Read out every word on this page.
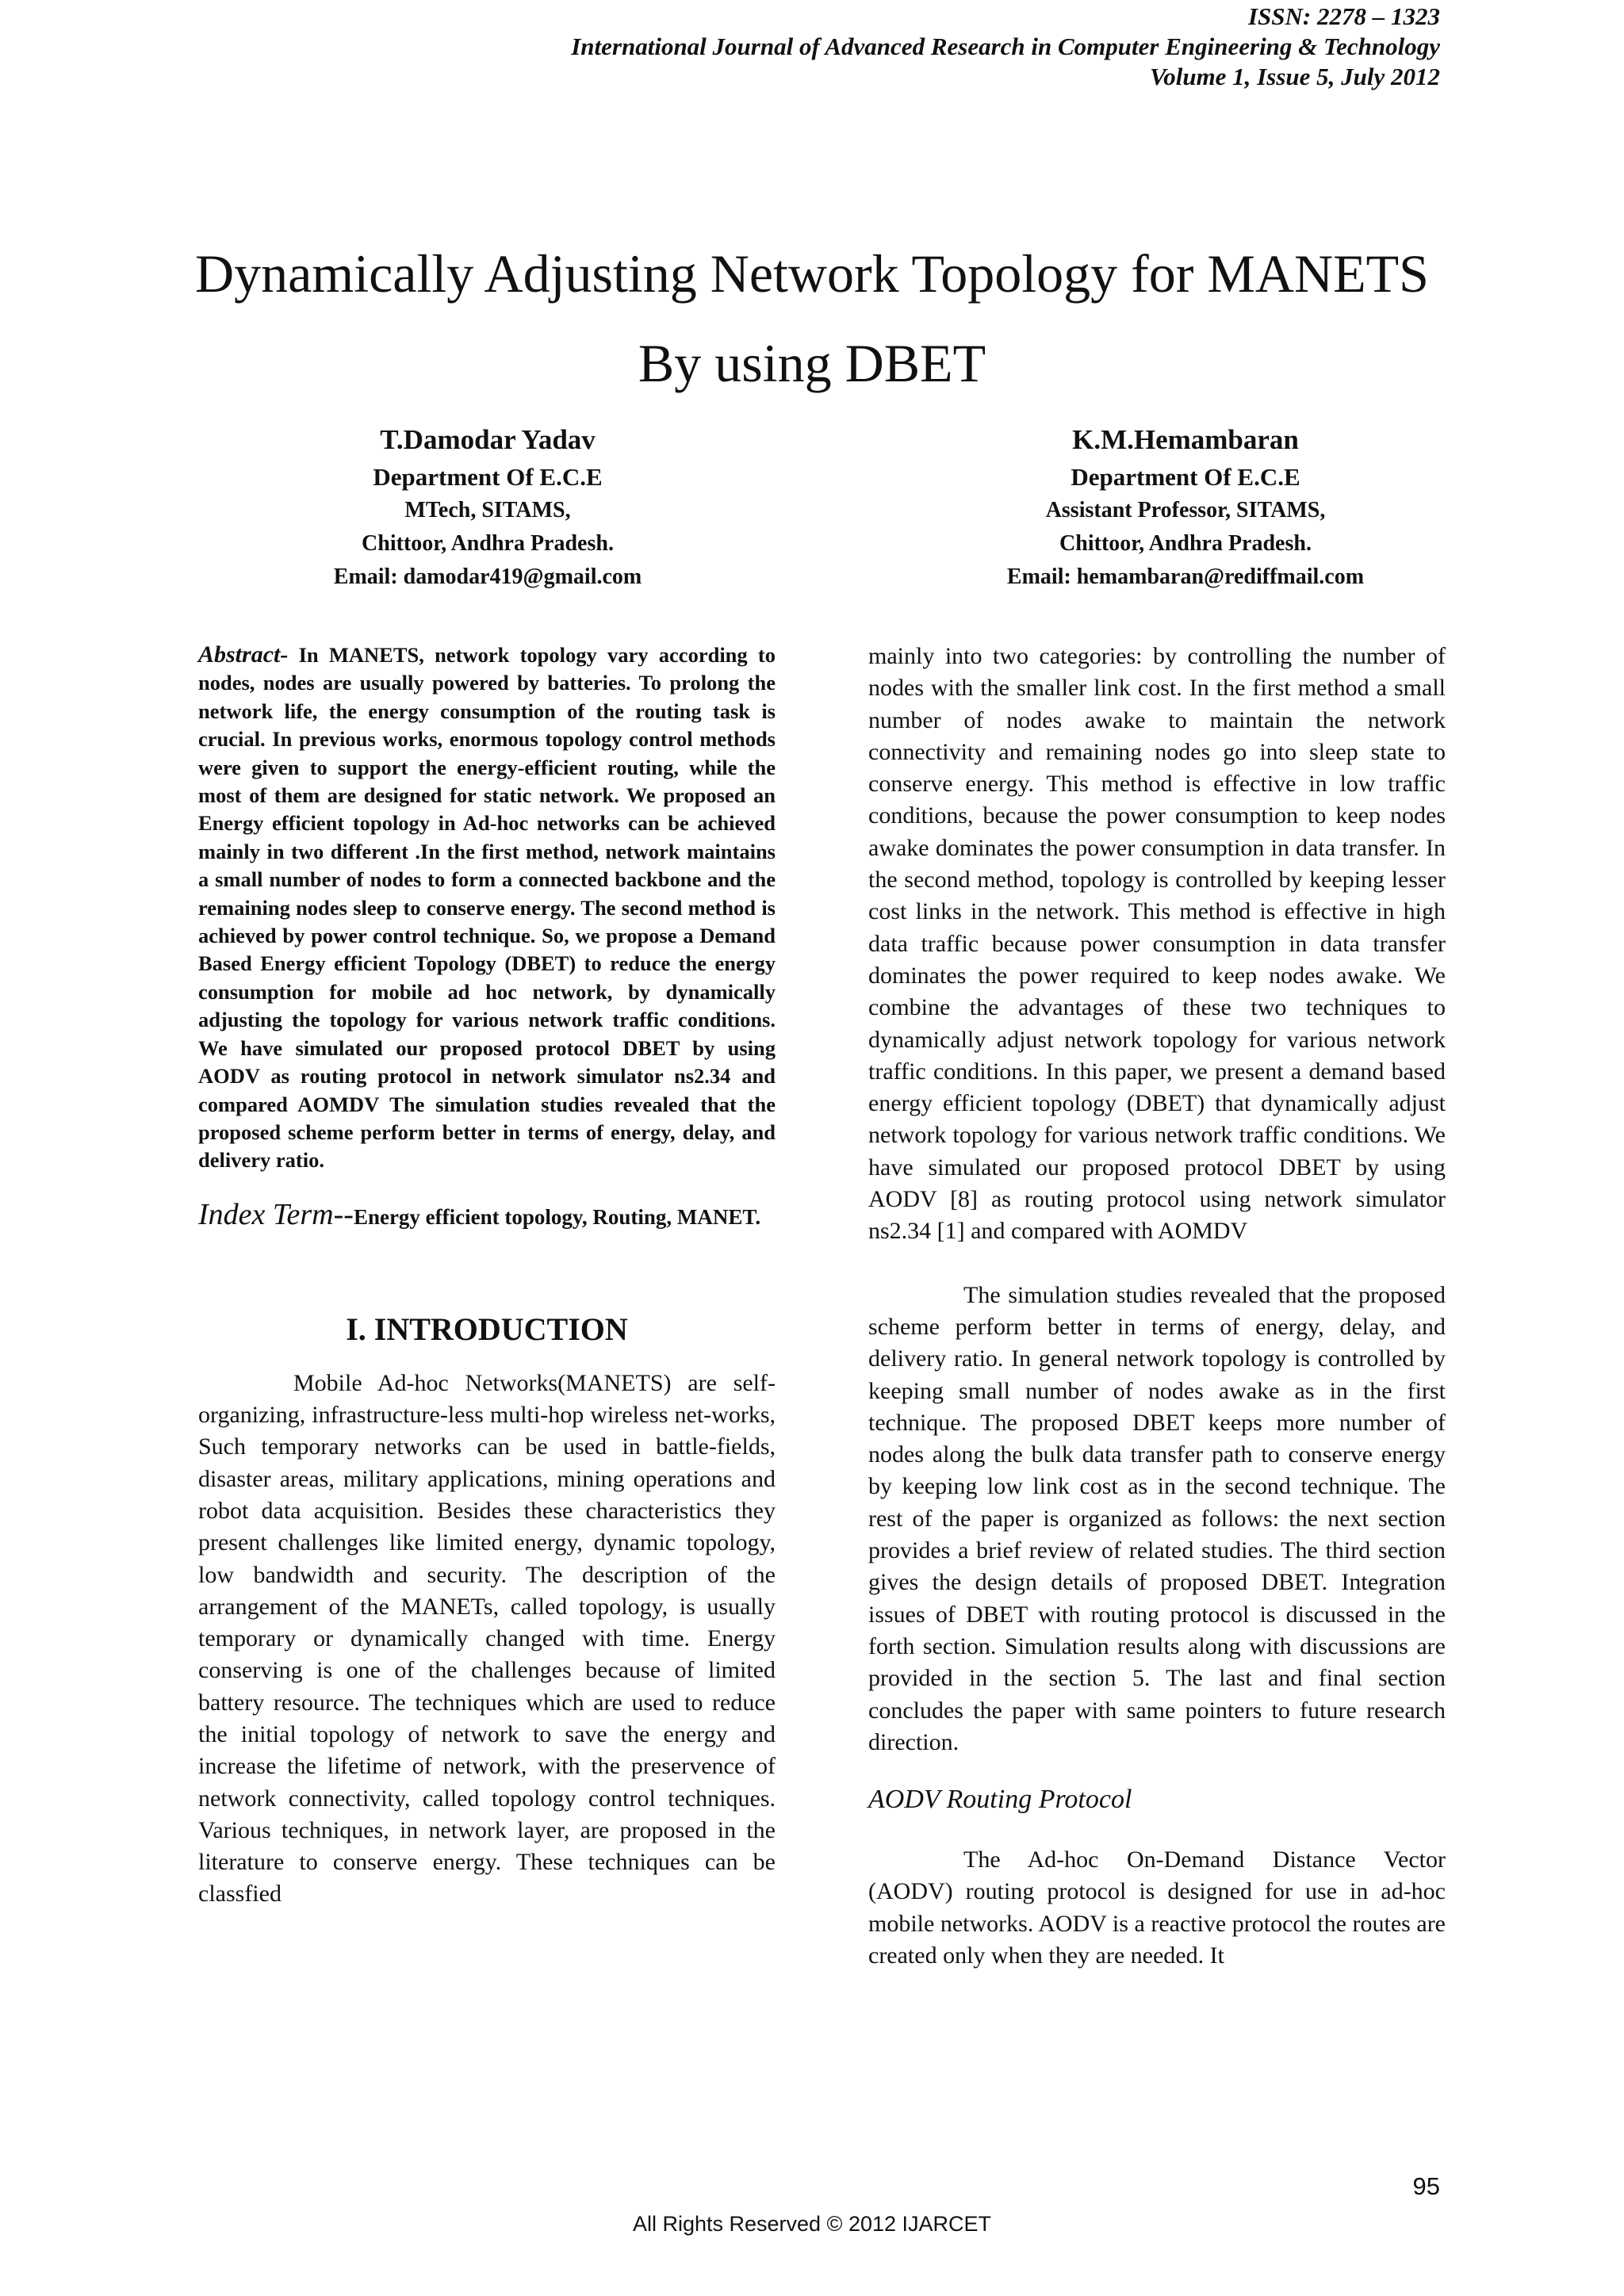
ISSN: 2278 – 1323
International Journal of Advanced Research in Computer Engineering & Technology
Volume 1, Issue 5, July 2012
Dynamically Adjusting Network Topology for MANETS
By using DBET
T.Damodar Yadav
Department Of E.C.E
MTech, SITAMS,
Chittoor, Andhra Pradesh.
Email: damodar419@gmail.com
K.M.Hemambaran
Department Of E.C.E
Assistant Professor, SITAMS,
Chittoor, Andhra Pradesh.
Email: hemambaran@rediffmail.com

Abstract- In MANETS, network topology vary according to nodes, nodes are usually powered by batteries. To prolong the network life, the energy consumption of the routing task is crucial. In previous works, enormous topology control methods were given to support the energy-efficient routing, while the most of them are designed for static network. We proposed an Energy efficient topology in Ad-hoc networks can be achieved mainly in two different .In the first method, network maintains a small number of nodes to form a connected backbone and the remaining nodes sleep to conserve energy. The second method is achieved by power control technique. So, we propose a Demand Based Energy efficient Topology (DBET) to reduce the energy consumption for mobile ad hoc network, by dynamically adjusting the topology for various network traffic conditions. We have simulated our proposed protocol DBET by using AODV as routing protocol in network simulator ns2.34 and compared AOMDV The simulation studies revealed that the proposed scheme perform better in terms of energy, delay, and delivery ratio.

Index Term--Energy efficient topology, Routing, MANET.

I. INTRODUCTION

Mobile Ad-hoc Networks(MANETS) are self-organizing, infrastructure-less multi-hop wireless net-works, Such temporary networks can be used in battle-fields, disaster areas, military applications, mining operations and robot data acquisition. Besides these characteristics they present challenges like limited energy, dynamic topology, low bandwidth and security. The description of the arrangement of the MANETs, called topology, is usually temporary or dynamically changed with time. Energy conserving is one of the challenges because of limited battery resource. The techniques which are used to reduce the initial topology of network to save the energy and increase the lifetime of network, with the preservence of network connectivity, called topology control techniques. Various techniques, in network layer, are proposed in the literature to conserve energy. These techniques can be classfied

mainly into two categories: by controlling the number of nodes with the smaller link cost. In the first method a small number of nodes awake to maintain the network connectivity and remaining nodes go into sleep state to conserve energy. This method is effective in low traffic conditions, because the power consumption to keep nodes awake dominates the power consumption in data transfer. In the second method, topology is controlled by keeping lesser cost links in the network. This method is effective in high data traffic because power consumption in data transfer dominates the power required to keep nodes awake. We combine the advantages of these two techniques to dynamically adjust network topology for various network traffic conditions. In this paper, we present a demand based energy efficient topology (DBET) that dynamically adjust network topology for various network traffic conditions. We have simulated our proposed protocol DBET by using AODV [8] as routing protocol using network simulator ns2.34 [1] and compared with AOMDV

The simulation studies revealed that the proposed scheme perform better in terms of energy, delay, and delivery ratio. In general network topology is controlled by keeping small number of nodes awake as in the first technique. The proposed DBET keeps more number of nodes along the bulk data transfer path to conserve energy by keeping low link cost as in the second technique. The rest of the paper is organized as follows: the next section provides a brief review of related studies. The third section gives the design details of proposed DBET. Integration issues of DBET with routing protocol is discussed in the forth section. Simulation results along with discussions are provided in the section 5. The last and final section concludes the paper with same pointers to future research direction.

AODV Routing Protocol

The Ad-hoc On-Demand Distance Vector (AODV) routing protocol is designed for use in ad-hoc mobile networks. AODV is a reactive protocol the routes are created only when they are needed. It

95
All Rights Reserved © 2012 IJARCET
